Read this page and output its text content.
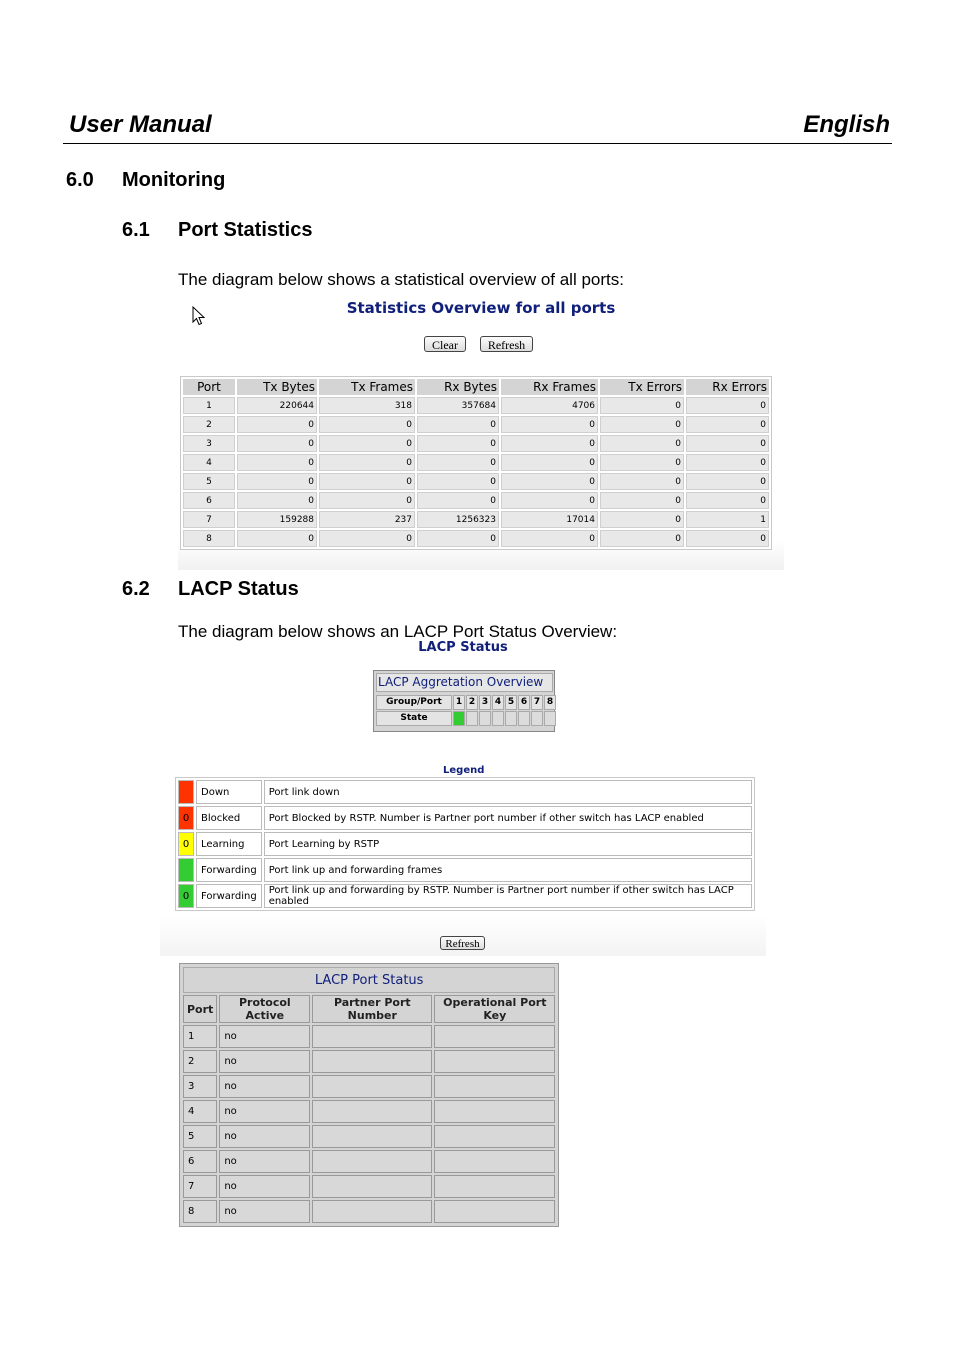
User Manual	English
6.0 Monitoring
6.1 Port Statistics
The diagram below shows a statistical overview of all ports:
Statistics Overview for all ports
Clear	Refresh
Port	Tx Bytes	Tx Frames	Rx Bytes	Rx Frames	Tx Errors	Rx Errors
1	220644	318	357684	4706	0	0
2	0	0	0	0	0	0
3	0	0	0	0	0	0
4	0	0	0	0	0	0
5	0	0	0	0	0	0
6	0	0	0	0	0	0
7	159288	237	1256323	17014	0	1
8	0	0	0	0	0	0
6.2 LACP Status
LACP Status
LACP Aggretation Overview
Group/Port	1 2 3 4 5 6 7 8
State
Legend
	Down	Port link down
0	Blocked	Port Blocked by RSTP. Number is Partner port number if other switch has LACP enabled
0	Learning	Port Learning by RSTP
	Forwarding	Port link up and forwarding frames
0	Forwarding	Port link up and forwarding by RSTP. Number is Partner port number if other switch has LACP enabled
Refresh
The diagram below shows an LACP Port Status Overview:
LACP Port Status			
Port	Protocol Active	Partner Port Number	Operational Port Key
1	no		
2	no		
3	no		
4	no		
5	no		
6	no		
7	no		
8	no		
